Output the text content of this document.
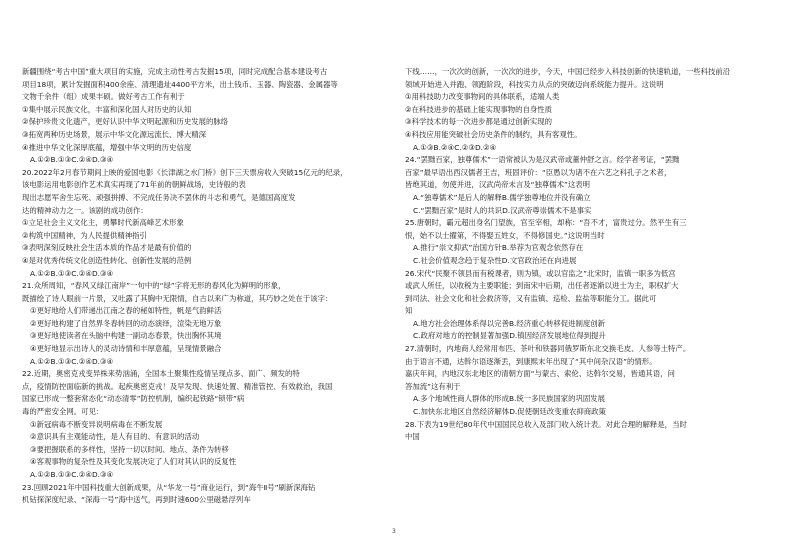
新疆围绕“考古中国”重大项目的实施，完成主动性考古发掘15项，同时完成配合基本建设考古
项目18项，累计发掘面积400余座、清理遗址4400平方米，出土钱币、玉器、陶瓷器、金属器等
文物千余件（组）成果丰硕。做好考古工作有利于
①集中展示民族文化，丰富和深化国人对历史的认知
②保护珍贵文化遗产，更好认识中华文明起源和历史发展的脉络
③拓宽两种历史场景，展示中华文化源远流长、博大精深
④推进中华文化深厚底蕴，增强中华文明的历史信度
A.①②B.①③C.②④D.③④
20.2022年2月春节期间上映的爱国电影《长津湖之水门桥》创下三天票房收入突破15亿元的纪录，
该电影运用电影创作艺术真实再现了71年前的朝鲜战场，史诗般的表
现出志愿军舍生忘死、顽强拼搏、不完成任务决不罢休的斗志和勇气，是德国高度发
达的精神动力之一。该剧的成功创作：
①立足社会主义文化主，勇攀时代新高峰艺术形象
②构筑中国精神，为人民提供精神指引
③表明深刻反映社会生活本质的作品才是最有价值的
④是对优秀传统文化创造性转化、创新性发展的范例
A.①②B.①③C.②④D.③④
21.众所周知，“春风又绿江南岸”一句中的“绿”字将无形的春风化为鲜明的形象，
既描绘了诗人眼前一片景，又吐露了其胸中无限情，自古以来广为称道，其巧妙之处在于该字：
①更好地给人们带递出江南之春的秘如特性，帆是气韵鲜活
②更好地构建了自然界冬春转回的动态演绎，渲染无地万象
③更好地使读者在头脑中构建一副动态春景，快出胸怀其境
④更好地显示出诗人的灵动诗情和丰厚意蕴，呈现情景融合
A.①②B.①③C.②④D.③④
22.近期，奥密克戎变异株来势汹涌，全国本土聚集性疫情呈现点多、面广、频发的特
点，疫情防控面临新的挑战。起疾奥密克戎！及早发现、快速处置、精准管控、有效救治，我国
国家已形成一整套常态化“动态清零”防控机制，编织起铁路“锁带”病
毒的严密安全网。可见：
①新冠病毒不断变异说明病毒在不断发展
②意识具有主观能动性，是人有目的、有意识的活动
③要把握联系的多样性，坚持一切以时间、地点、条件为转移
④客观事物的复杂性及其变化发展决定了人们对其认识的反复性
A.①②B.①③C.②④D.③④
23.回顾2021年中国科技重大创新成果，从“华龙一号”商业运行，到“海牛Ⅱ号”刷新深海钻
机钻探深度纪录、“深海一号”海中送气，再到时速600公里磁悬浮列车
下线……，一次次的创新，一次次的进步，今天，中国已经步入科技创新的快速轨道，一些科技前沿
领域开始进入并跑、领跑阶段，科技实力从点的突破迈向系统能力提升。这说明
①用科技助力改变事物间的具体联系，适端人类
②在科技进步的基础上能实现事物的自身性质
③科学技术的每一次进步都是通过创新实现的
④科技应用能突破社会历史条件的制约，具有客观性。
A.①③B.②④C.②③D.②④
24.“罢黜百家，独尊儒术”一语常被认为是汉武帝或董仲舒之言。经学者考证，“罢黜
百家”最早语出西汉儒者王吉，班固评价：“臣愚以为诸不在六艺之科孔子之术者，
皆绝其道，勿使并进，汉武尚帝未言及“独尊儒术”这表明
A.“独尊儒术”是后人的解释B.儒学独尊地位并没有确立
C.“罢黜百家”是时人的共识D.汉武帝尊崇儒术不是事实
25.唐朝时，霸元超出身名门望族，官至宰相，却称：“吾不才，富贵过分。然平生有三
恨，始不以士擢第，不得娶五姓女，不得修国史。”这说明当时
A.推行“崇文抑武”治国方针B.举荐为官观念依然存在
C.社会价值观念趋于复杂性D.文官政治还在向进展
26.宋代“民聚不领县而有税课者，则为镇，或以官监之”北宋时，监镇一职多为低宫
或武人所任，以收税为主要职能；到南宋中后期，出任者逐渐以进士为主，职权扩大
到司法、社会文化和社会救济等，又有监镇、巡检、监盐等职能分工。据此可
知
A.地方社会治理体系得以完善B.经济重心转移促进制度创新
C.政府对地方的控制显著加强D.镇因经济发展地位得到提升
27.清朝时，内地商人经常用布匹、茶叶和铁器同俄罗斯东北交换毛皮、人参等土特产。
由于语言不通，达斡尔语逐渐丢，到康熙末年出现了“其中间杂汉语”的情形。
嘉庆年间，内地汉东北地区的清朝方面“与蒙古、索伦、达斡尔交易，皆通其语，问
答加流”这有利于
A.多个地域性商人群体的形成B.统一多民族国家的巩固发展
C.加快东北地区自然经济解体D.促使朝廷改变重农抑商政策
28.下表为19世纪80年代中国国民总收入及部门收入统计表。对此合理的解释是，当时
中国
3
